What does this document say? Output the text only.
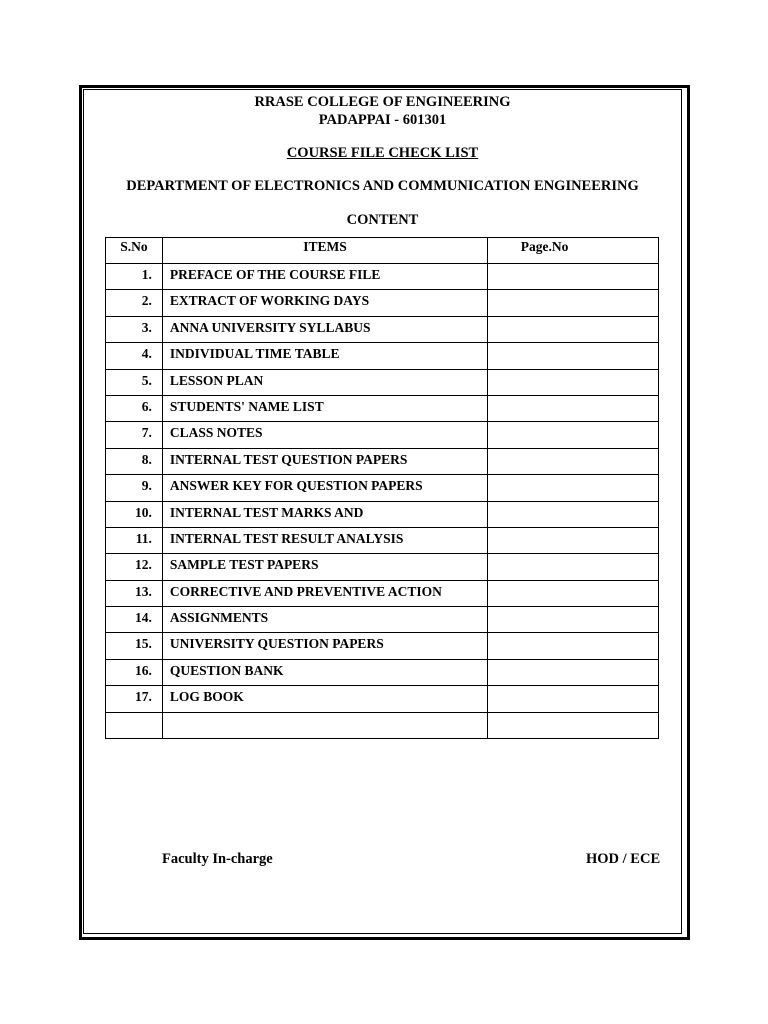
RRASE COLLEGE OF ENGINEERING
PADAPPAI - 601301
COURSE FILE CHECK LIST
DEPARTMENT OF ELECTRONICS AND COMMUNICATION ENGINEERING
CONTENT
S.No	ITEMS	Page.No
1.	PREFACE OF THE COURSE FILE	
2.	EXTRACT OF WORKING DAYS	
3.	ANNA UNIVERSITY SYLLABUS	
4.	INDIVIDUAL TIME TABLE	
5.	LESSON PLAN	
6.	STUDENTS' NAME LIST	
7.	CLASS NOTES	
8.	INTERNAL TEST QUESTION PAPERS	
9.	ANSWER KEY FOR QUESTION PAPERS	
10.	INTERNAL TEST MARKS AND	
11.	INTERNAL TEST RESULT ANALYSIS	
12.	SAMPLE TEST PAPERS	
13.	CORRECTIVE AND PREVENTIVE ACTION	
14.	ASSIGNMENTS	
15.	UNIVERSITY QUESTION PAPERS	
16.	QUESTION BANK	
17.	LOG BOOK	

Faculty In-charge	HOD / ECE
